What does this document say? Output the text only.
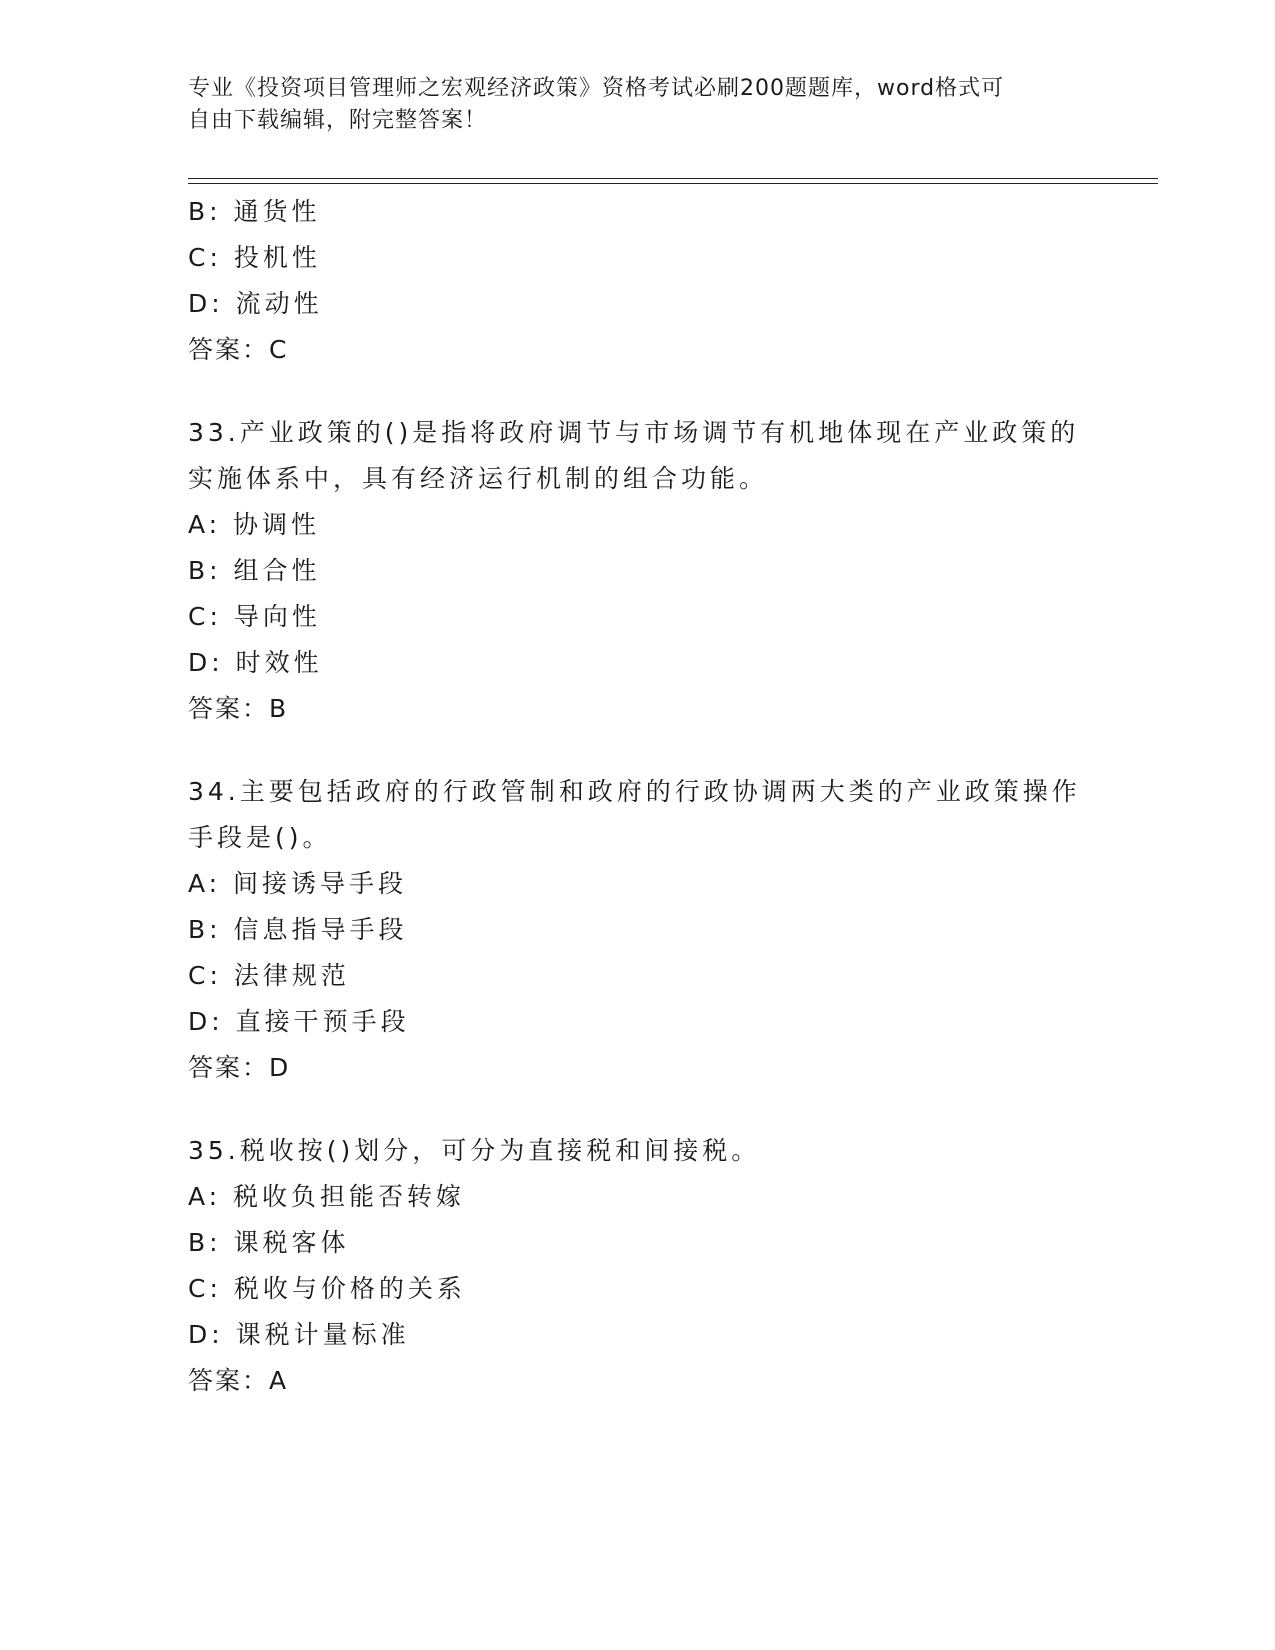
专业《投资项目管理师之宏观经济政策》资格考试必刷200题题库，word格式可
自由下载编辑，附完整答案！
B: 通货性
C: 投机性
D: 流动性
答案：C
33.产业政策的()是指将政府调节与市场调节有机地体现在产业政策的
实施体系中，具有经济运行机制的组合功能。
A: 协调性
B: 组合性
C: 导向性
D: 时效性
答案：B
34.主要包括政府的行政管制和政府的行政协调两大类的产业政策操作
手段是()。
A: 间接诱导手段
B: 信息指导手段
C: 法律规范
D: 直接干预手段
答案：D
35.税收按()划分，可分为直接税和间接税。
A: 税收负担能否转嫁
B: 课税客体
C: 税收与价格的关系
D: 课税计量标准
答案：A
